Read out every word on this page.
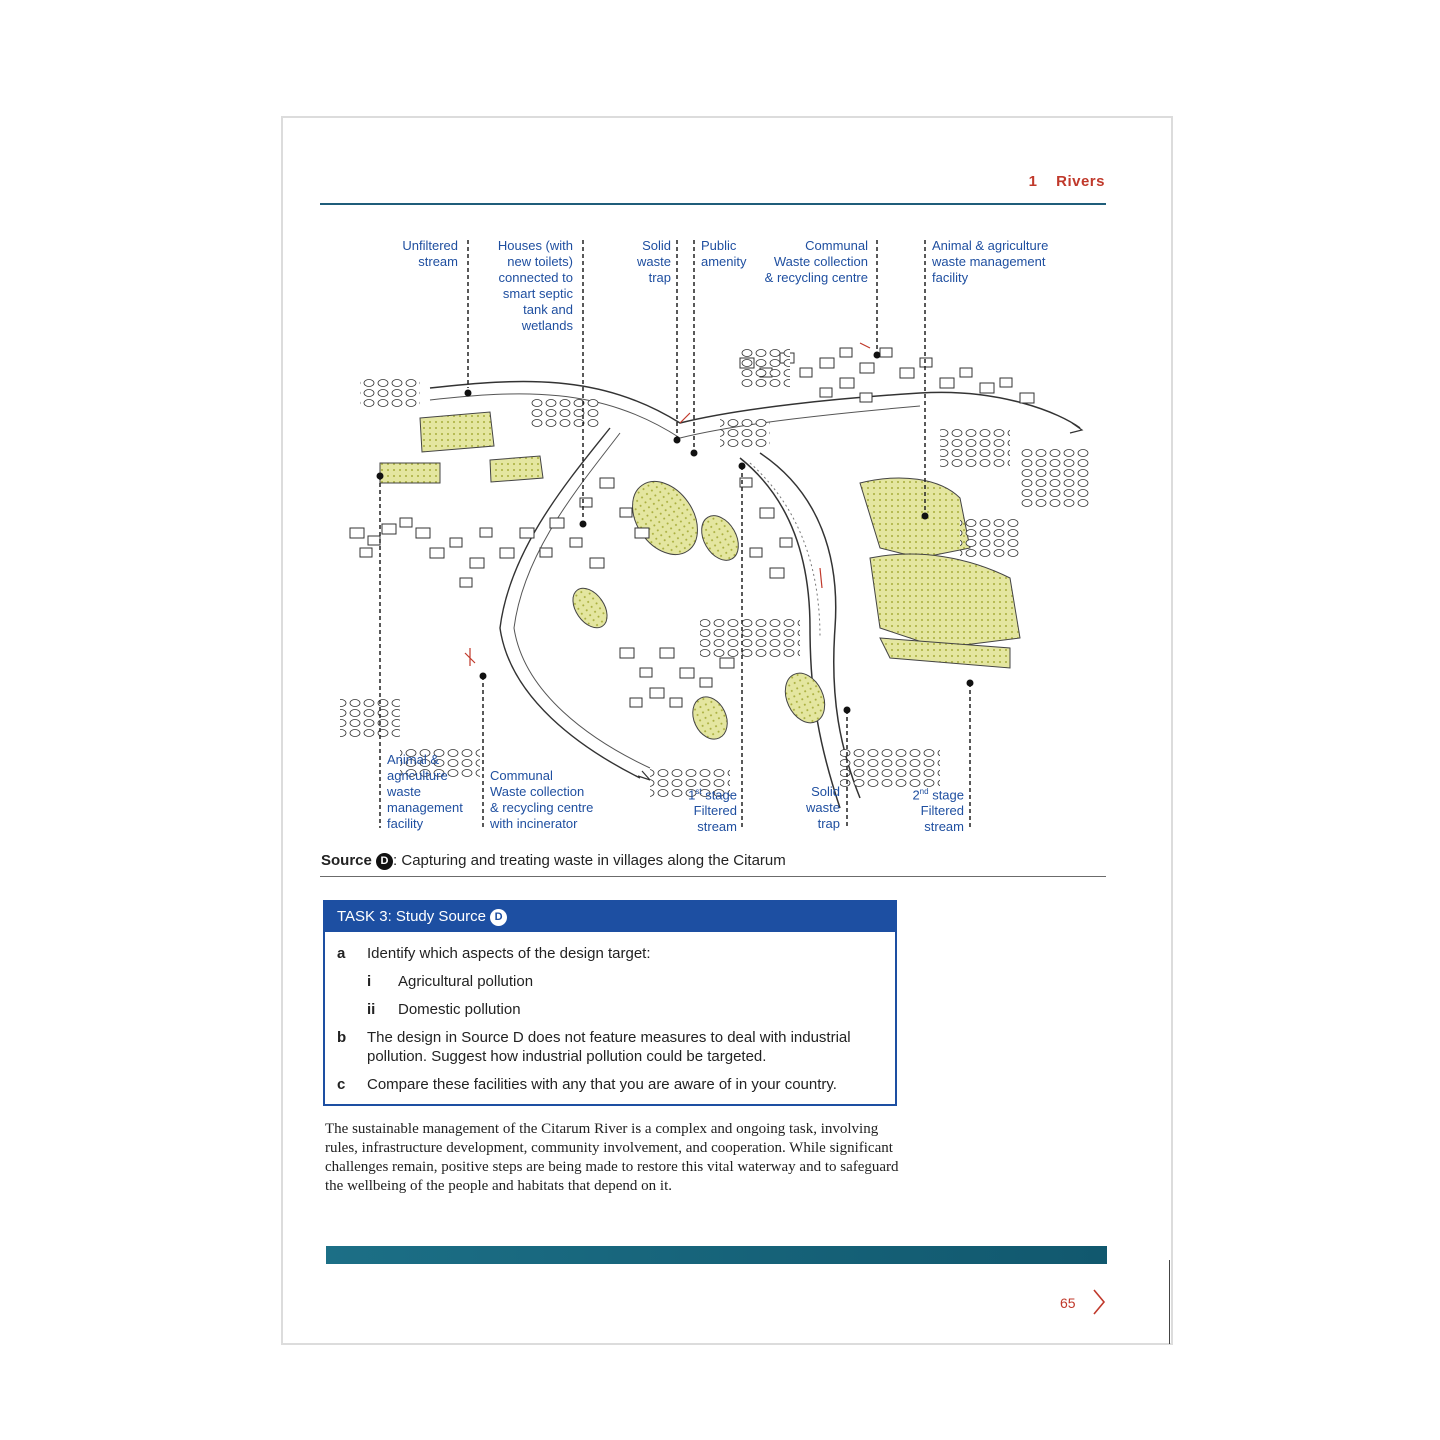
1 Rivers
Unfiltered
stream
Houses (with
new toilets)
connected to
smart septic
tank and
wetlands
Solid
waste
trap
Public
amenity
Communal
Waste collection
& recycling centre
Animal & agriculture
waste management
facility
Animal &
agriculture
waste
management
facility
Communal
Waste collection
& recycling centre
with incinerator
1st stage
Filtered
stream
Solid
waste
trap
2nd stage
Filtered
stream
Source D : Capturing and treating waste in villages along the Citarum
TASK 3: Study Source D
a Identify which aspects of the design target:
i Agricultural pollution
ii Domestic pollution
b The design in Source D does not feature measures to deal with industrial pollution. Suggest how industrial pollution could be targeted.
c Compare these facilities with any that you are aware of in your country.
The sustainable management of the Citarum River is a complex and ongoing task, involving rules, infrastructure development, community involvement, and cooperation. While significant challenges remain, positive steps are being made to restore this vital waterway and to safeguard the wellbeing of the people and habitats that depend on it.
65
